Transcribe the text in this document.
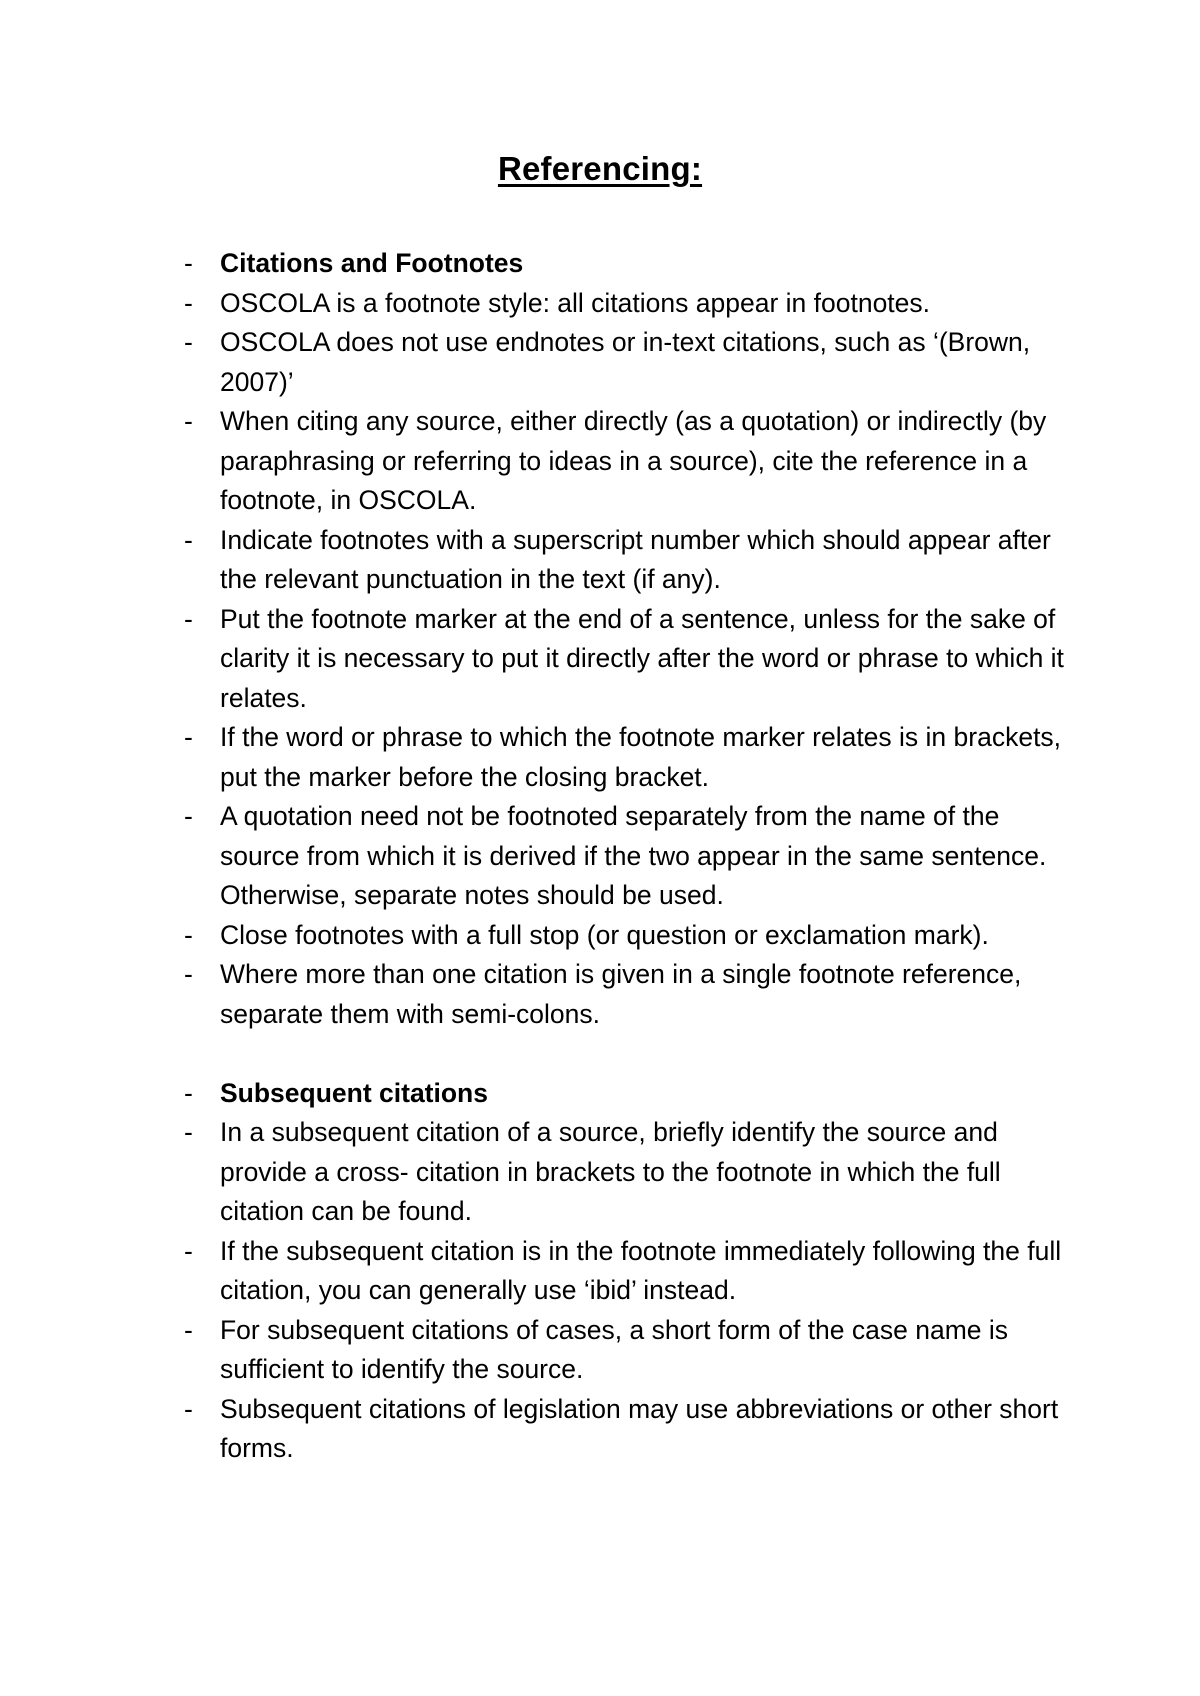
Referencing:
- Citations and Footnotes
- OSCOLA is a footnote style: all citations appear in footnotes.
- OSCOLA does not use endnotes or in-text citations, such as ‘(Brown, 2007)’
- When citing any source, either directly (as a quotation) or indirectly (by paraphrasing or referring to ideas in a source), cite the reference in a footnote, in OSCOLA.
- Indicate footnotes with a superscript number which should appear after the relevant punctuation in the text (if any).
- Put the footnote marker at the end of a sentence, unless for the sake of clarity it is necessary to put it directly after the word or phrase to which it relates.
- If the word or phrase to which the footnote marker relates is in brackets, put the marker before the closing bracket.
- A quotation need not be footnoted separately from the name of the source from which it is derived if the two appear in the same sentence. Otherwise, separate notes should be used.
- Close footnotes with a full stop (or question or exclamation mark).
- Where more than one citation is given in a single footnote reference, separate them with semi-colons.
- Subsequent citations
- In a subsequent citation of a source, briefly identify the source and provide a cross- citation in brackets to the footnote in which the full citation can be found.
- If the subsequent citation is in the footnote immediately following the full citation, you can generally use ‘ibid’ instead.
- For subsequent citations of cases, a short form of the case name is sufficient to identify the source.
- Subsequent citations of legislation may use abbreviations or other short forms.
